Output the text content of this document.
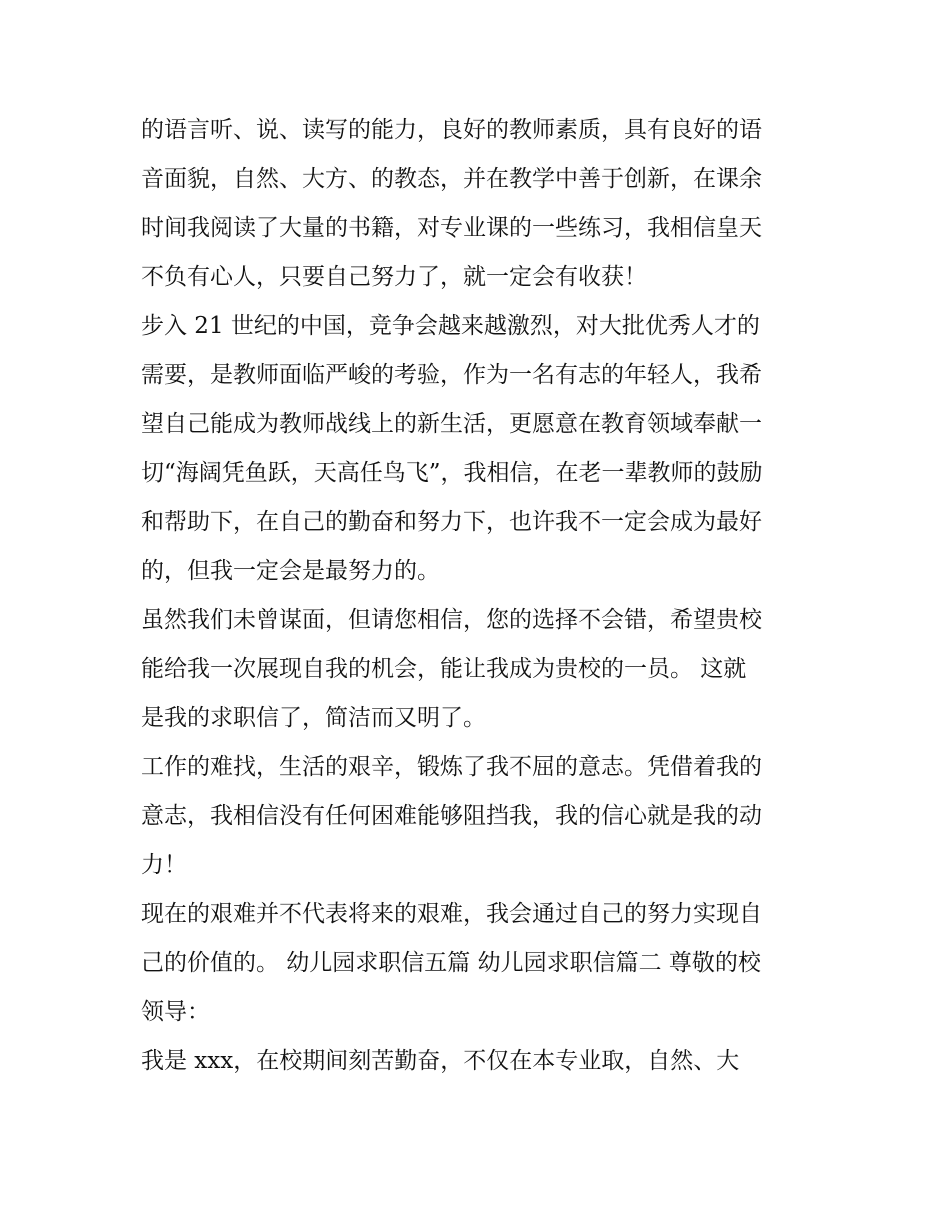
的语言听、说、读写的能力，良好的教师素质，具有良好的语
音面貌，自然、大方、的教态，并在教学中善于创新，在课余
时间我阅读了大量的书籍，对专业课的一些练习，我相信皇天
不负有心人，只要自己努力了，就一定会有收获！

步入 21 世纪的中国，竞争会越来越激烈，对大批优秀人才的
需要，是教师面临严峻的考验，作为一名有志的年轻人，我希
望自己能成为教师战线上的新生活，更愿意在教育领域奉献一
切“海阔凭鱼跃，天高任鸟飞”，我相信，在老一辈教师的鼓励
和帮助下，在自己的勤奋和努力下，也许我不一定会成为最好
的，但我一定会是最努力的。

虽然我们未曾谋面，但请您相信，您的选择不会错，希望贵校
能给我一次展现自我的机会，能让我成为贵校的一员。 这就
是我的求职信了，简洁而又明了。

工作的难找，生活的艰辛，锻炼了我不屈的意志。凭借着我的
意志，我相信没有任何困难能够阻挡我，我的信心就是我的动
力！

现在的艰难并不代表将来的艰难，我会通过自己的努力实现自
己的价值的。 幼儿园求职信五篇 幼儿园求职信篇二 尊敬的校
领导：

我是 xxx，在校期间刻苦勤奋，不仅在本专业取，自然、大
